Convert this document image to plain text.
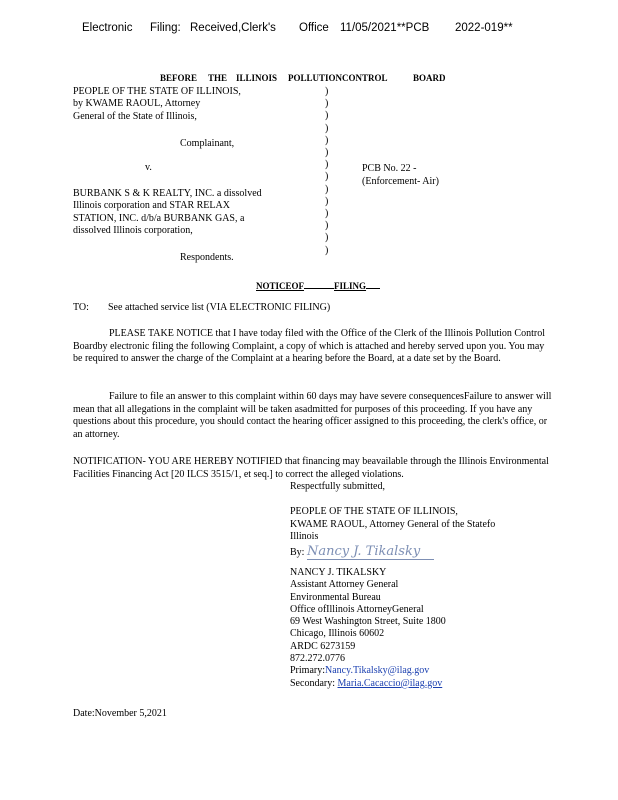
Electronic Filing: Received,Clerk's Office 11/05/2021**PCB 2022-019**
BEFORE THE ILLINOIS POLLUTIONCONTROL	BOARD
PEOPLE OF THE STATE OF ILLINOIS,
by KWAME RAOUL, Attorney
General of the State of Illinois,
Complainant,
v.	PCB No. 22 -
(Enforcement- Air)
BURBANK S & K REALTY, INC. a dissolved
Illinois corporation and STAR RELAX
STATION, INC. d/b/a BURBANK GAS, a
dissolved Illinois corporation,
Respondents.
)
)
)
)
)
)
)
)
)
)
)
)
)
)
NOTICEOF	FILING
TO: See attached service list (VIA ELECTRONIC FILING)
PLEASE TAKE NOTICE that I have today filed with the Office of the Clerk of the Illinois Pollution Control Boardby electronic filing the following Complaint, a copy of which is attached and hereby served upon you. You may be required to answer the charge of the Complaint at a hearing before the Board, at a date set by the Board.
Failure to file an answer to this complaint within 60 days may have severe consequencesFailure to answer will mean that all allegations in the complaint will be taken asadmitted for purposes of this proceeding. If you have any questions about this procedure, you should contact the hearing officer assigned to this proceeding, the clerk's office, or an attorney.
NOTIFICATION- YOU ARE HEREBY NOTIFIED that financing may beavailable through the Illinois Environmental Facilities Financing Act [20 ILCS 3515/1, et seq.] to correct the alleged violations.
Respectfully submitted,
PEOPLE OF THE STATE OF ILLINOIS,
KWAME RAOUL, Attorney General of the Statefo
Illinois
By: Nancy J. Tikalsky
NANCY J. TIKALSKY
Assistant Attorney General
Environmental Bureau
Office ofIllinois AttorneyGeneral
69 West Washington Street, Suite 1800
Chicago, Illinois 60602
ARDC 6273159
872.272.0776
Primary:Nancy.Tikalsky@ilag.gov
Secondary: Maria.Cacaccio@ilag.gov
Date:November 5,2021
